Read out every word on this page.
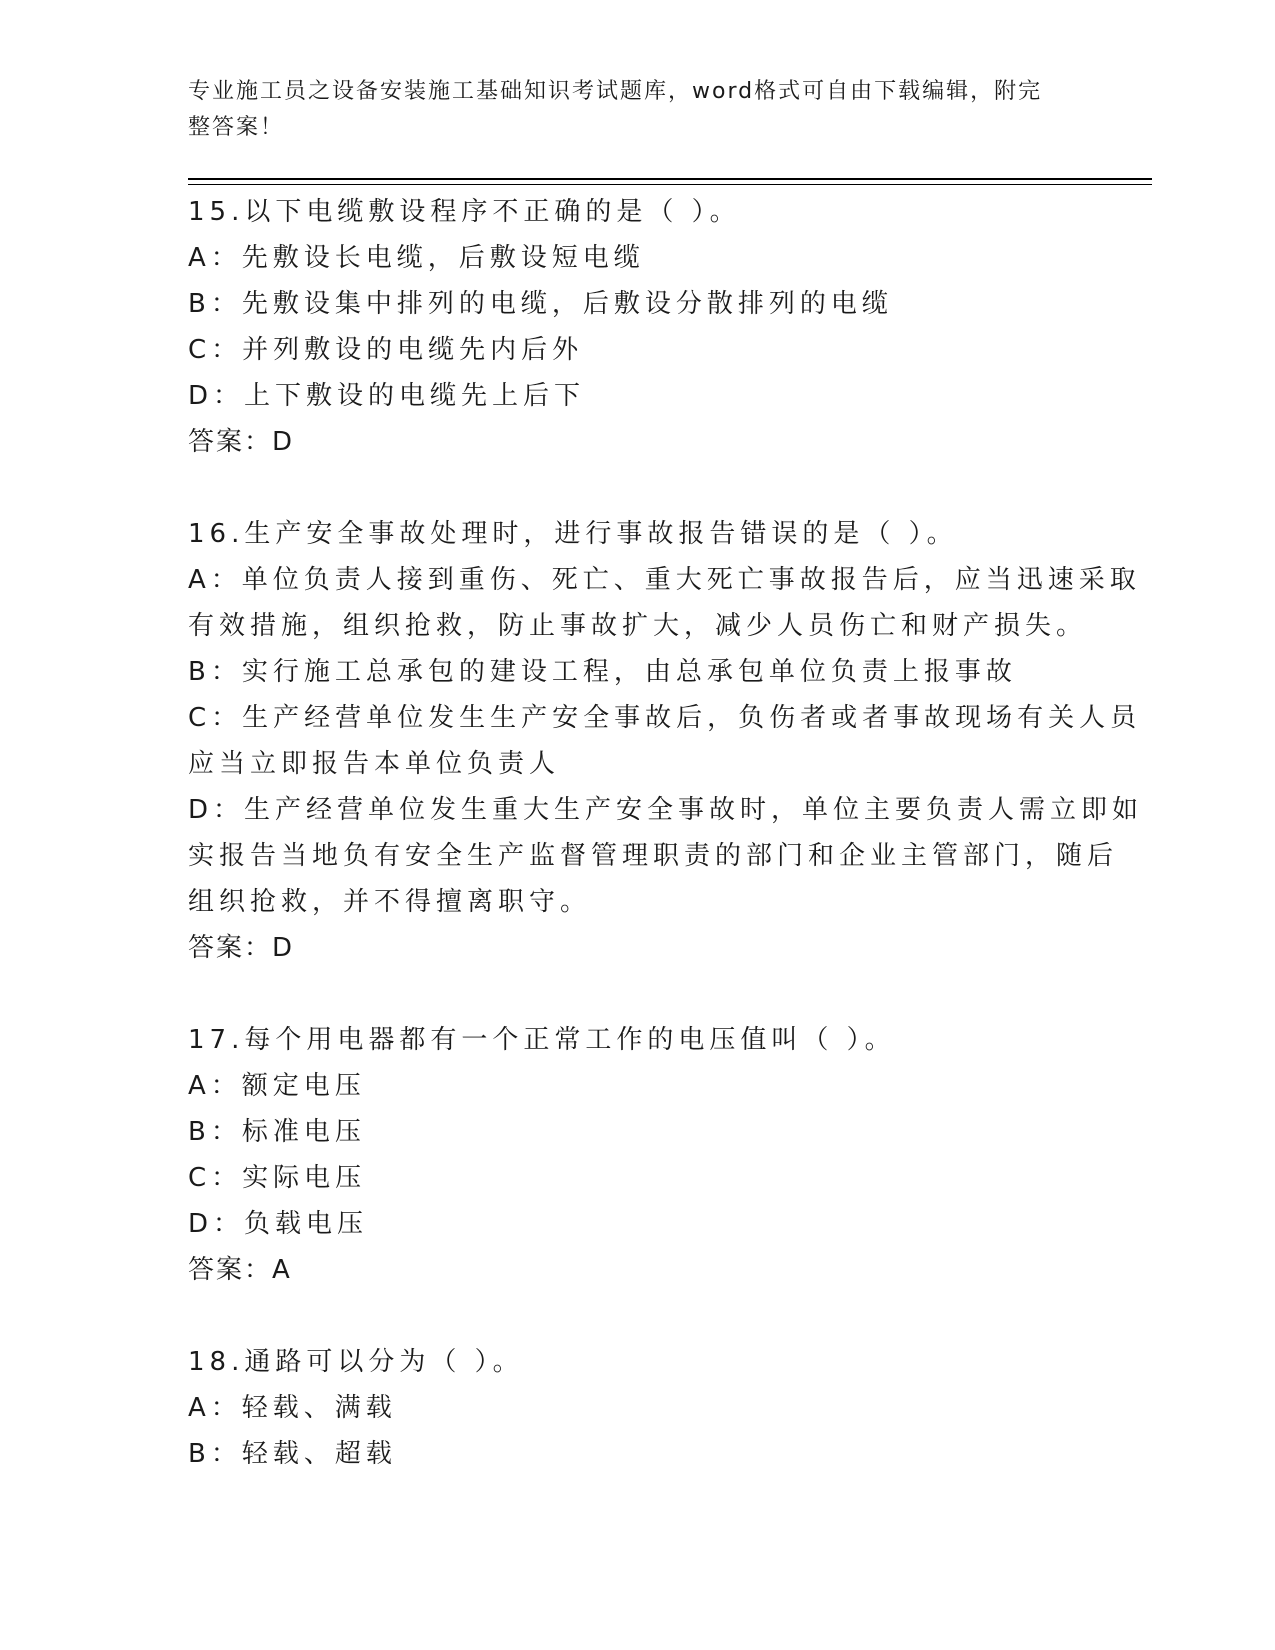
专业施工员之设备安装施工基础知识考试题库，word格式可自由下载编辑，附完
整答案！
15.以下电缆敷设程序不正确的是（ ）。
A：先敷设长电缆，后敷设短电缆
B：先敷设集中排列的电缆，后敷设分散排列的电缆
C：并列敷设的电缆先内后外
D：上下敷设的电缆先上后下
答案：D
16.生产安全事故处理时，进行事故报告错误的是（ ）。
A：单位负责人接到重伤、死亡、重大死亡事故报告后，应当迅速采取
有效措施，组织抢救，防止事故扩大，减少人员伤亡和财产损失。
B：实行施工总承包的建设工程，由总承包单位负责上报事故
C：生产经营单位发生生产安全事故后，负伤者或者事故现场有关人员
应当立即报告本单位负责人
D：生产经营单位发生重大生产安全事故时，单位主要负责人需立即如
实报告当地负有安全生产监督管理职责的部门和企业主管部门，随后
组织抢救，并不得擅离职守。
答案：D
17.每个用电器都有一个正常工作的电压值叫（ ）。
A：额定电压
B：标准电压
C：实际电压
D：负载电压
答案：A
18.通路可以分为（ ）。
A：轻载、满载
B：轻载、超载
